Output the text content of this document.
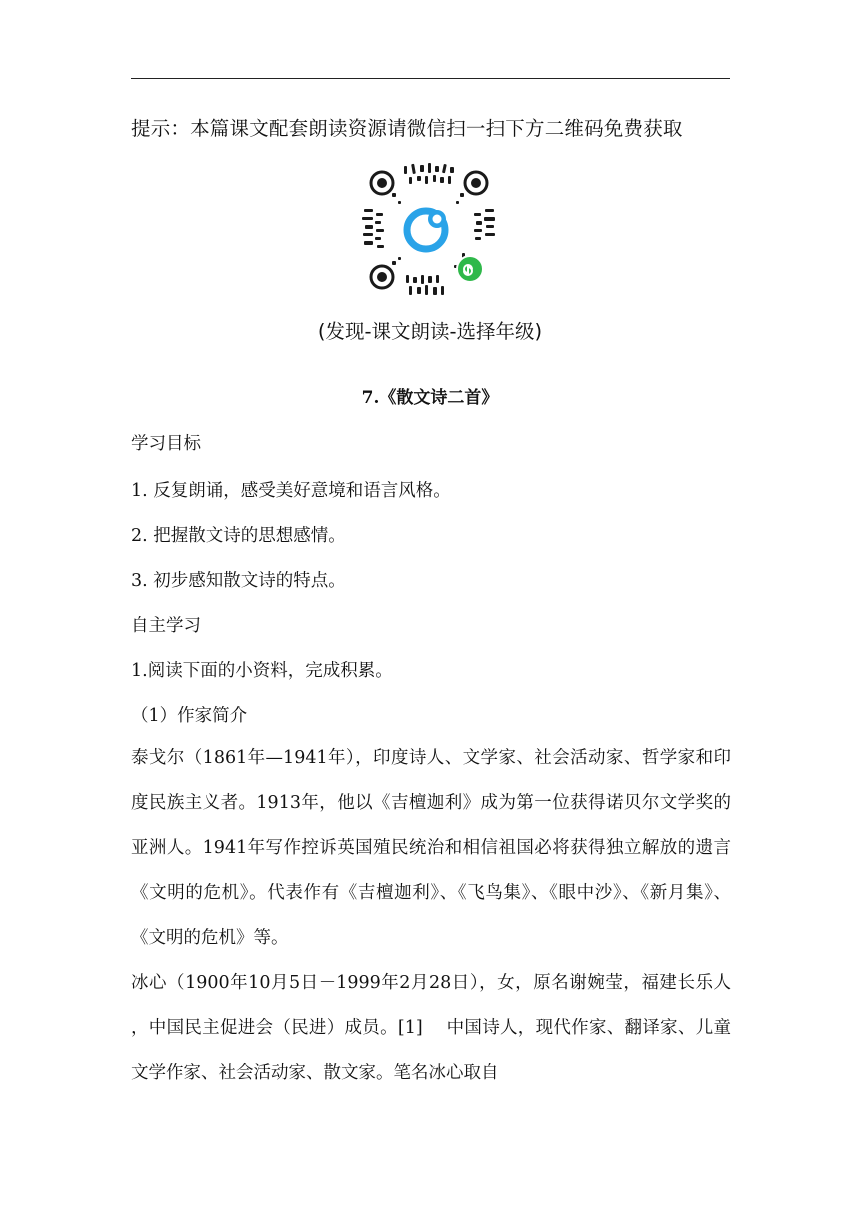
提示：本篇课文配套朗读资源请微信扫一扫下方二维码免费获取
(发现-课文朗读-选择年级)
7.《散文诗二首》
学习目标
1. 反复朗诵，感受美好意境和语言风格。
2. 把握散文诗的思想感情。
3. 初步感知散文诗的特点。
自主学习
1.阅读下面的小资料，完成积累。
（1）作家简介
泰戈尔（1861年—1941年），印度诗人、文学家、社会活动家、哲学家和印度民族主义者。1913年，他以《吉檀迦利》成为第一位获得诺贝尔文学奖的亚洲人。1941年写作控诉英国殖民统治和相信祖国必将获得独立解放的遗言《文明的危机》。代表作有《吉檀迦利》、《飞鸟集》、《眼中沙》、《新月集》、《文明的危机》等。
冰心（1900年10月5日－1999年2月28日），女，原名谢婉莹，福建长乐人 ，中国民主促进会（民进）成员。[1]　 中国诗人，现代作家、翻译家、儿童文学作家、社会活动家、散文家。笔名冰心取自
